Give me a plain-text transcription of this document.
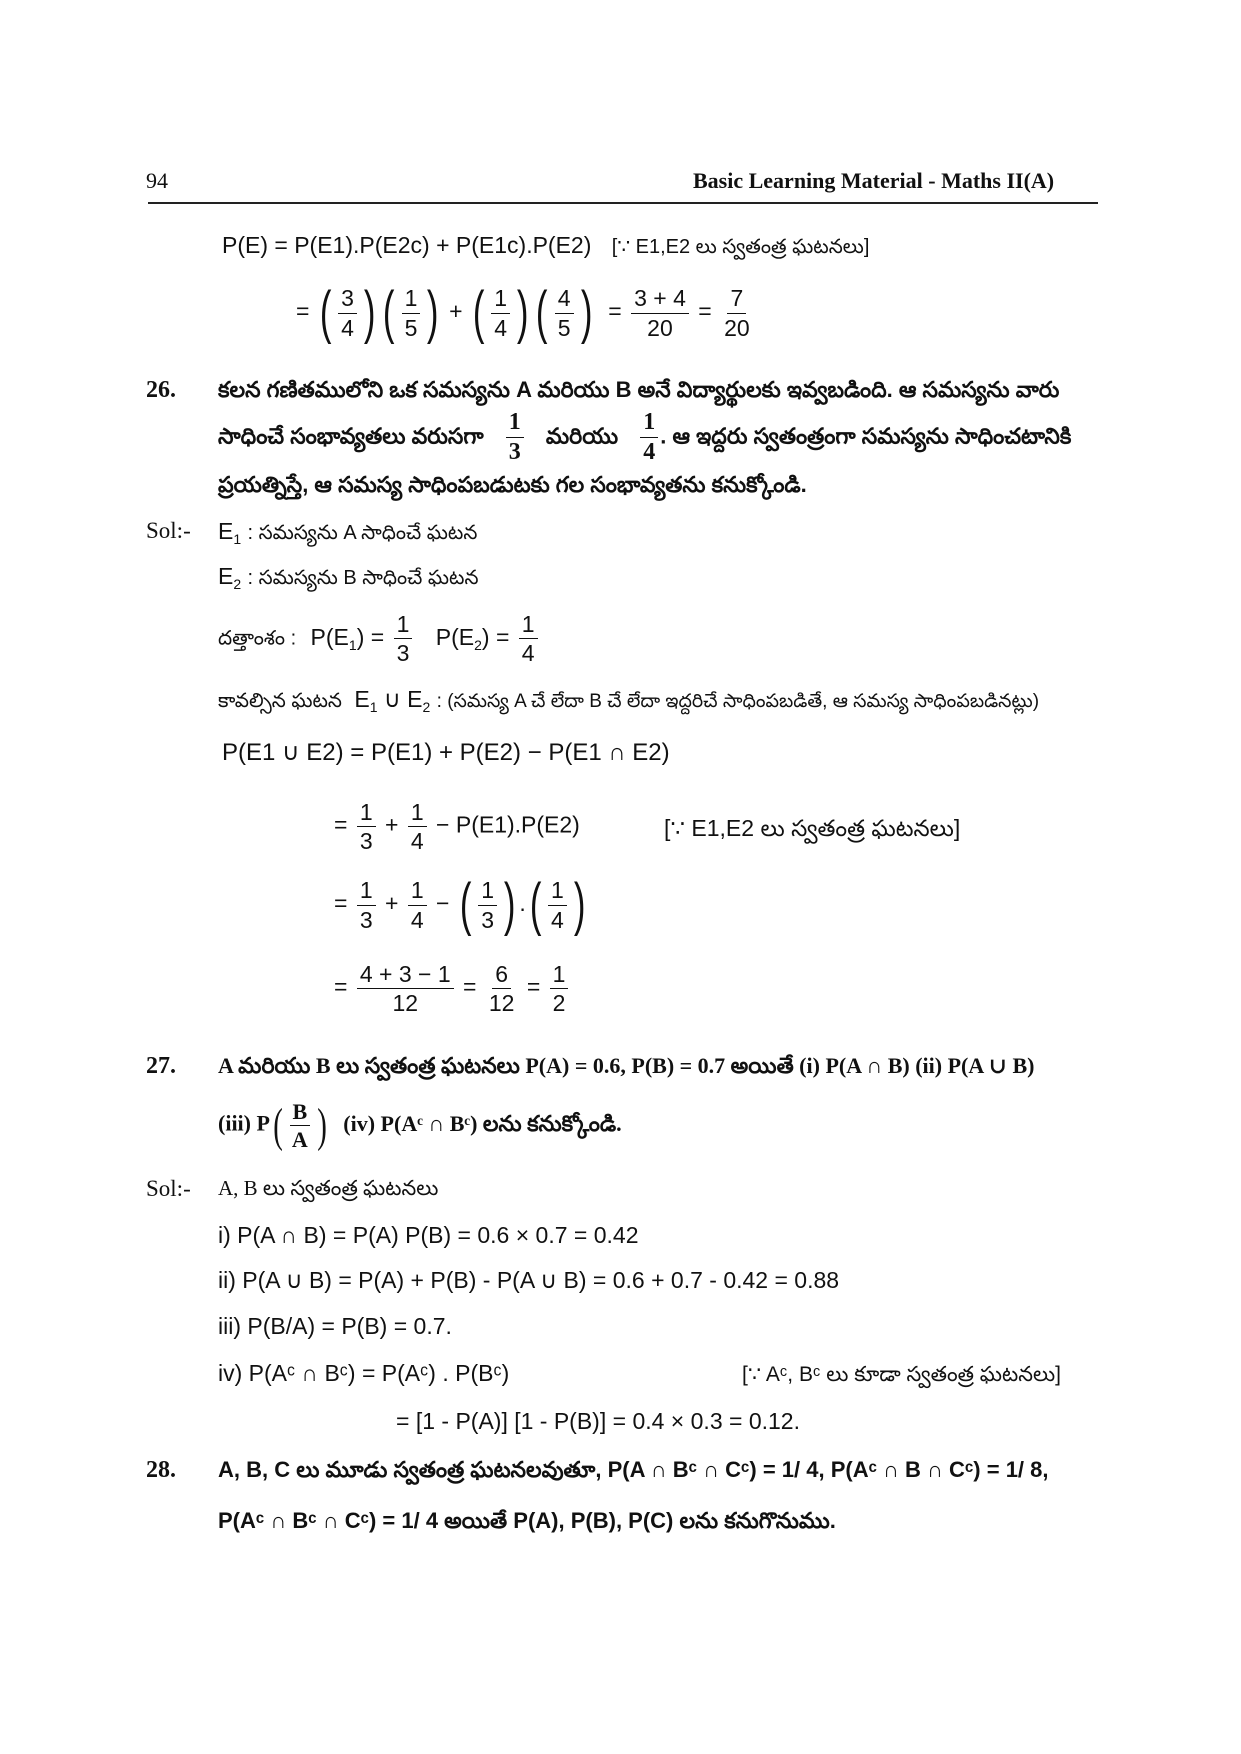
94	Basic Learning Material - Maths II(A)
P(E) = P(E1).P(E2c) + P(E1c).P(E2) [∵ E1,E2 లు స్వతంత్ర ఘటనలు]
= ( $\frac{3}{4}$ ) ( $\frac{1}{5}$ ) + ( $\frac{1}{4}$ ) ( $\frac{4}{5}$ ) = $\frac{3 + 4}{20} = \frac{7}{20}$
26. కలన గణితములోని ఒక సమస్యను A మరియు B అనే విద్యార్థులకు ఇవ్వబడింది. ఆ సమస్యను వారు
సాధించే సంభావ్యతలు వరుసగా $\frac{1}{3}$ మరియు $\frac{1}{4}$ . ఆ ఇద్దరు స్వతంత్రంగా సమస్యను సాధించటానికి
ప్రయత్నిస్తే, ఆ సమస్య సాధింపబడుటకు గల సంభావ్యతను కనుక్కోండి.
Sol:- $E_1$ : సమస్యను A సాధించే ఘటన
$E_2$ : సమస్యను B సాధించే ఘటన
దత్తాంశం : $P(E_1) = \frac{1}{3} P(E_2) = \frac{1}{4}$
కావల్సిన ఘటన $E_1$ ∪ $E_2$ : (సమస్య A చే లేదా B చే లేదా ఇద్దరిచే సాధింపబడితే, ఆ సమస్య సాధింపబడినట్లు)
P(E1 ∪ E2) = P(E1) + P(E2) − P(E1 ∩ E2)
= $\frac{1}{3} + \frac{1}{4} - P(E1).P(E2)$	[∵ E1,E2 లు స్వతంత్ర ఘటనలు]
= $\frac{1}{3} + \frac{1}{4}$ − ( $\frac{1}{3}$ ) . ( $\frac{1}{4}$ )
= $\frac{4 + 3 - 1}{12} = \frac{6}{12} = \frac{1}{2}$
27. A మరియు B లు స్వతంత్ర ఘటనలు P(A) = 0.6, P(B) = 0.7 అయితే (i) P(A ∩ B) (ii) P(A ∪ B)
(iii) P ( $\frac{B}{A}$ ) (iv) P(Aᶜ ∩ Bᶜ) లను కనుక్కోండి.
Sol:- A, B లు స్వతంత్ర ఘటనలు
i) P(A ∩ B) = P(A) P(B) = 0.6 × 0.7 = 0.42
ii) P(A ∪ B) = P(A) + P(B) - P(A ∪ B) = 0.6 + 0.7 - 0.42 = 0.88
iii) P(B/A) = P(B) = 0.7.
iv) P(Aᶜ ∩ Bᶜ) = P(Aᶜ) . P(Bᶜ)	[∵ Aᶜ, Bᶜ లు కూడా స్వతంత్ర ఘటనలు]
= [1 - P(A)] [1 - P(B)] = 0.4 × 0.3 = 0.12.
28. A, B, C లు మూడు స్వతంత్ర ఘటనలవుతూ, P(A ∩ Bᶜ ∩ Cᶜ) = 1/ 4, P(Aᶜ ∩ B ∩ Cᶜ) = 1/ 8,
P(Aᶜ ∩ Bᶜ ∩ Cᶜ) = 1/ 4 అయితే P(A), P(B), P(C) లను కనుగొనుము.
